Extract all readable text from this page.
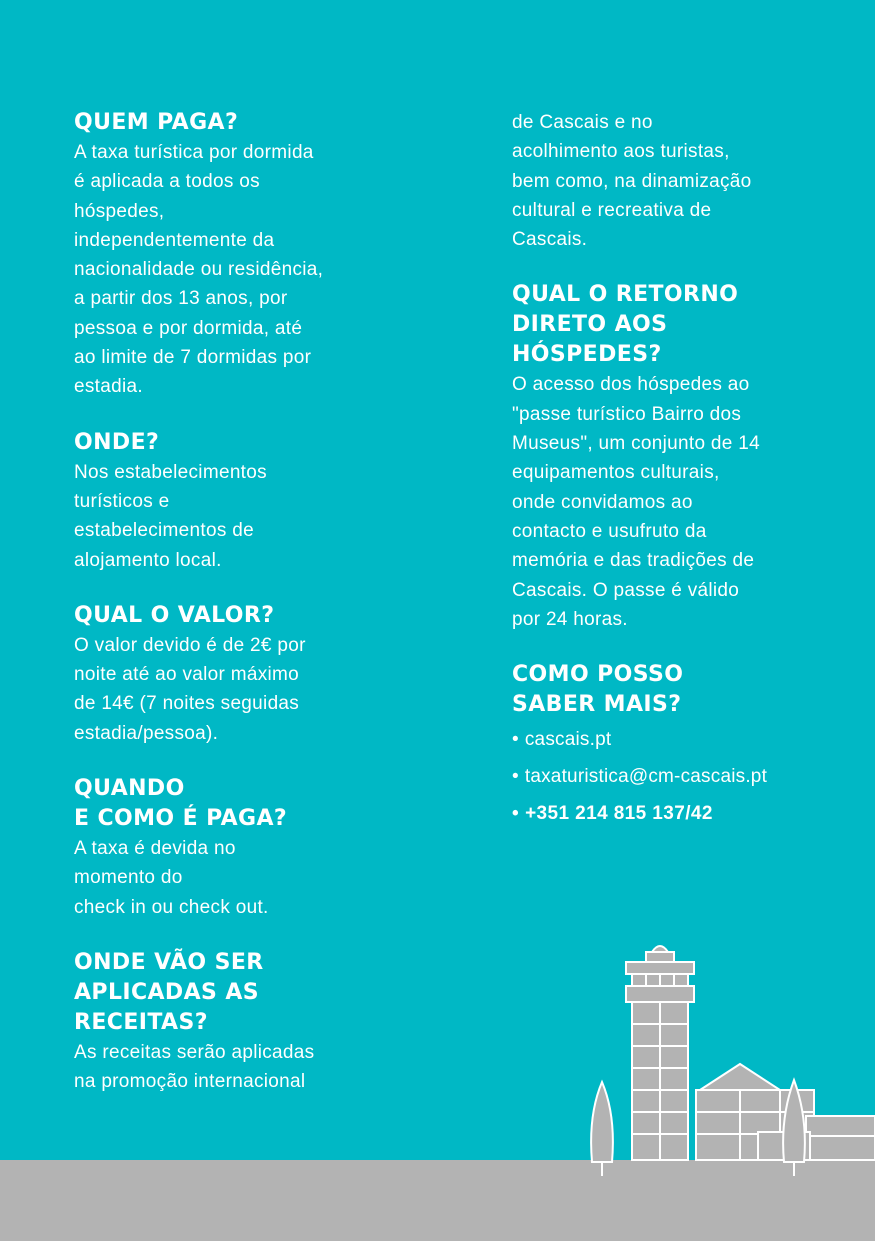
QUEM PAGA?

A taxa turística por dormida
é aplicada a todos os
hóspedes,
independentemente da
nacionalidade ou residência,
a partir dos 13 anos, por
pessoa e por dormida, até
ao limite de 7 dormidas por
estadia.

ONDE?

Nos estabelecimentos
turísticos e
estabelecimentos de
alojamento local.

QUAL O VALOR?

O valor devido é de 2€ por
noite até ao valor máximo
de 14€ (7 noites seguidas
estadia/pessoa).

QUANDO
E COMO É PAGA?

A taxa é devida no
momento do
check in ou check out.

ONDE VÃO SER
APLICADAS AS
RECEITAS?

As receitas serão aplicadas
na promoção internacional

de Cascais e no
acolhimento aos turistas,
bem como, na dinamização
cultural e recreativa de
Cascais.

QUAL O RETORNO
DIRETO AOS
HÓSPEDES?

O acesso dos hóspedes ao
"passe turístico Bairro dos
Museus", um conjunto de 14
equipamentos culturais,
onde convidamos ao
contacto e usufruto da
memória e das tradições de
Cascais. O passe é válido
por 24 horas.

COMO POSSO
SABER MAIS?

• cascais.pt
• taxaturistica@cm-cascais.pt
• +351 214 815 137/42
